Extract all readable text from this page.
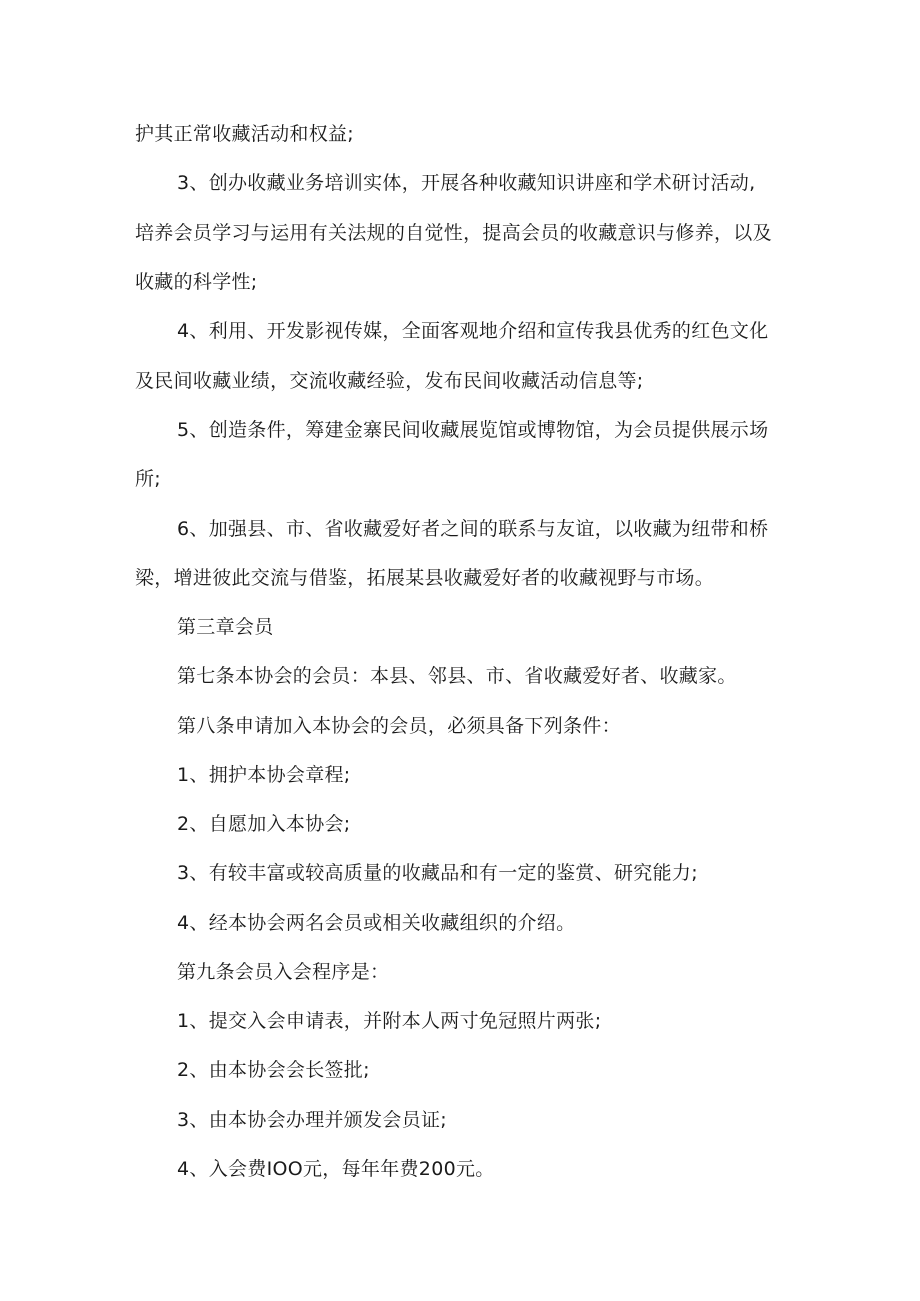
护其正常收藏活动和权益;
3、创办收藏业务培训实体，开展各种收藏知识讲座和学术研讨活动,
培养会员学习与运用有关法规的自觉性，提高会员的收藏意识与修养，以及
收藏的科学性;
4、利用、开发影视传媒，全面客观地介绍和宣传我县优秀的红色文化
及民间收藏业绩，交流收藏经验，发布民间收藏活动信息等;
5、创造条件，筹建金寨民间收藏展览馆或博物馆，为会员提供展示场
所;
6、加强县、市、省收藏爱好者之间的联系与友谊，以收藏为纽带和桥
梁，增进彼此交流与借鉴，拓展某县收藏爱好者的收藏视野与市场。
第三章会员
第七条本协会的会员：本县、邻县、市、省收藏爱好者、收藏家。
第八条申请加入本协会的会员，必须具备下列条件：
1、拥护本协会章程;
2、自愿加入本协会;
3、有较丰富或较高质量的收藏品和有一定的鉴赏、研究能力;
4、经本协会两名会员或相关收藏组织的介绍。
第九条会员入会程序是：
1、提交入会申请表，并附本人两寸免冠照片两张;
2、由本协会会长签批;
3、由本协会办理并颁发会员证;
4、入会费IOO元，每年年费200元。
